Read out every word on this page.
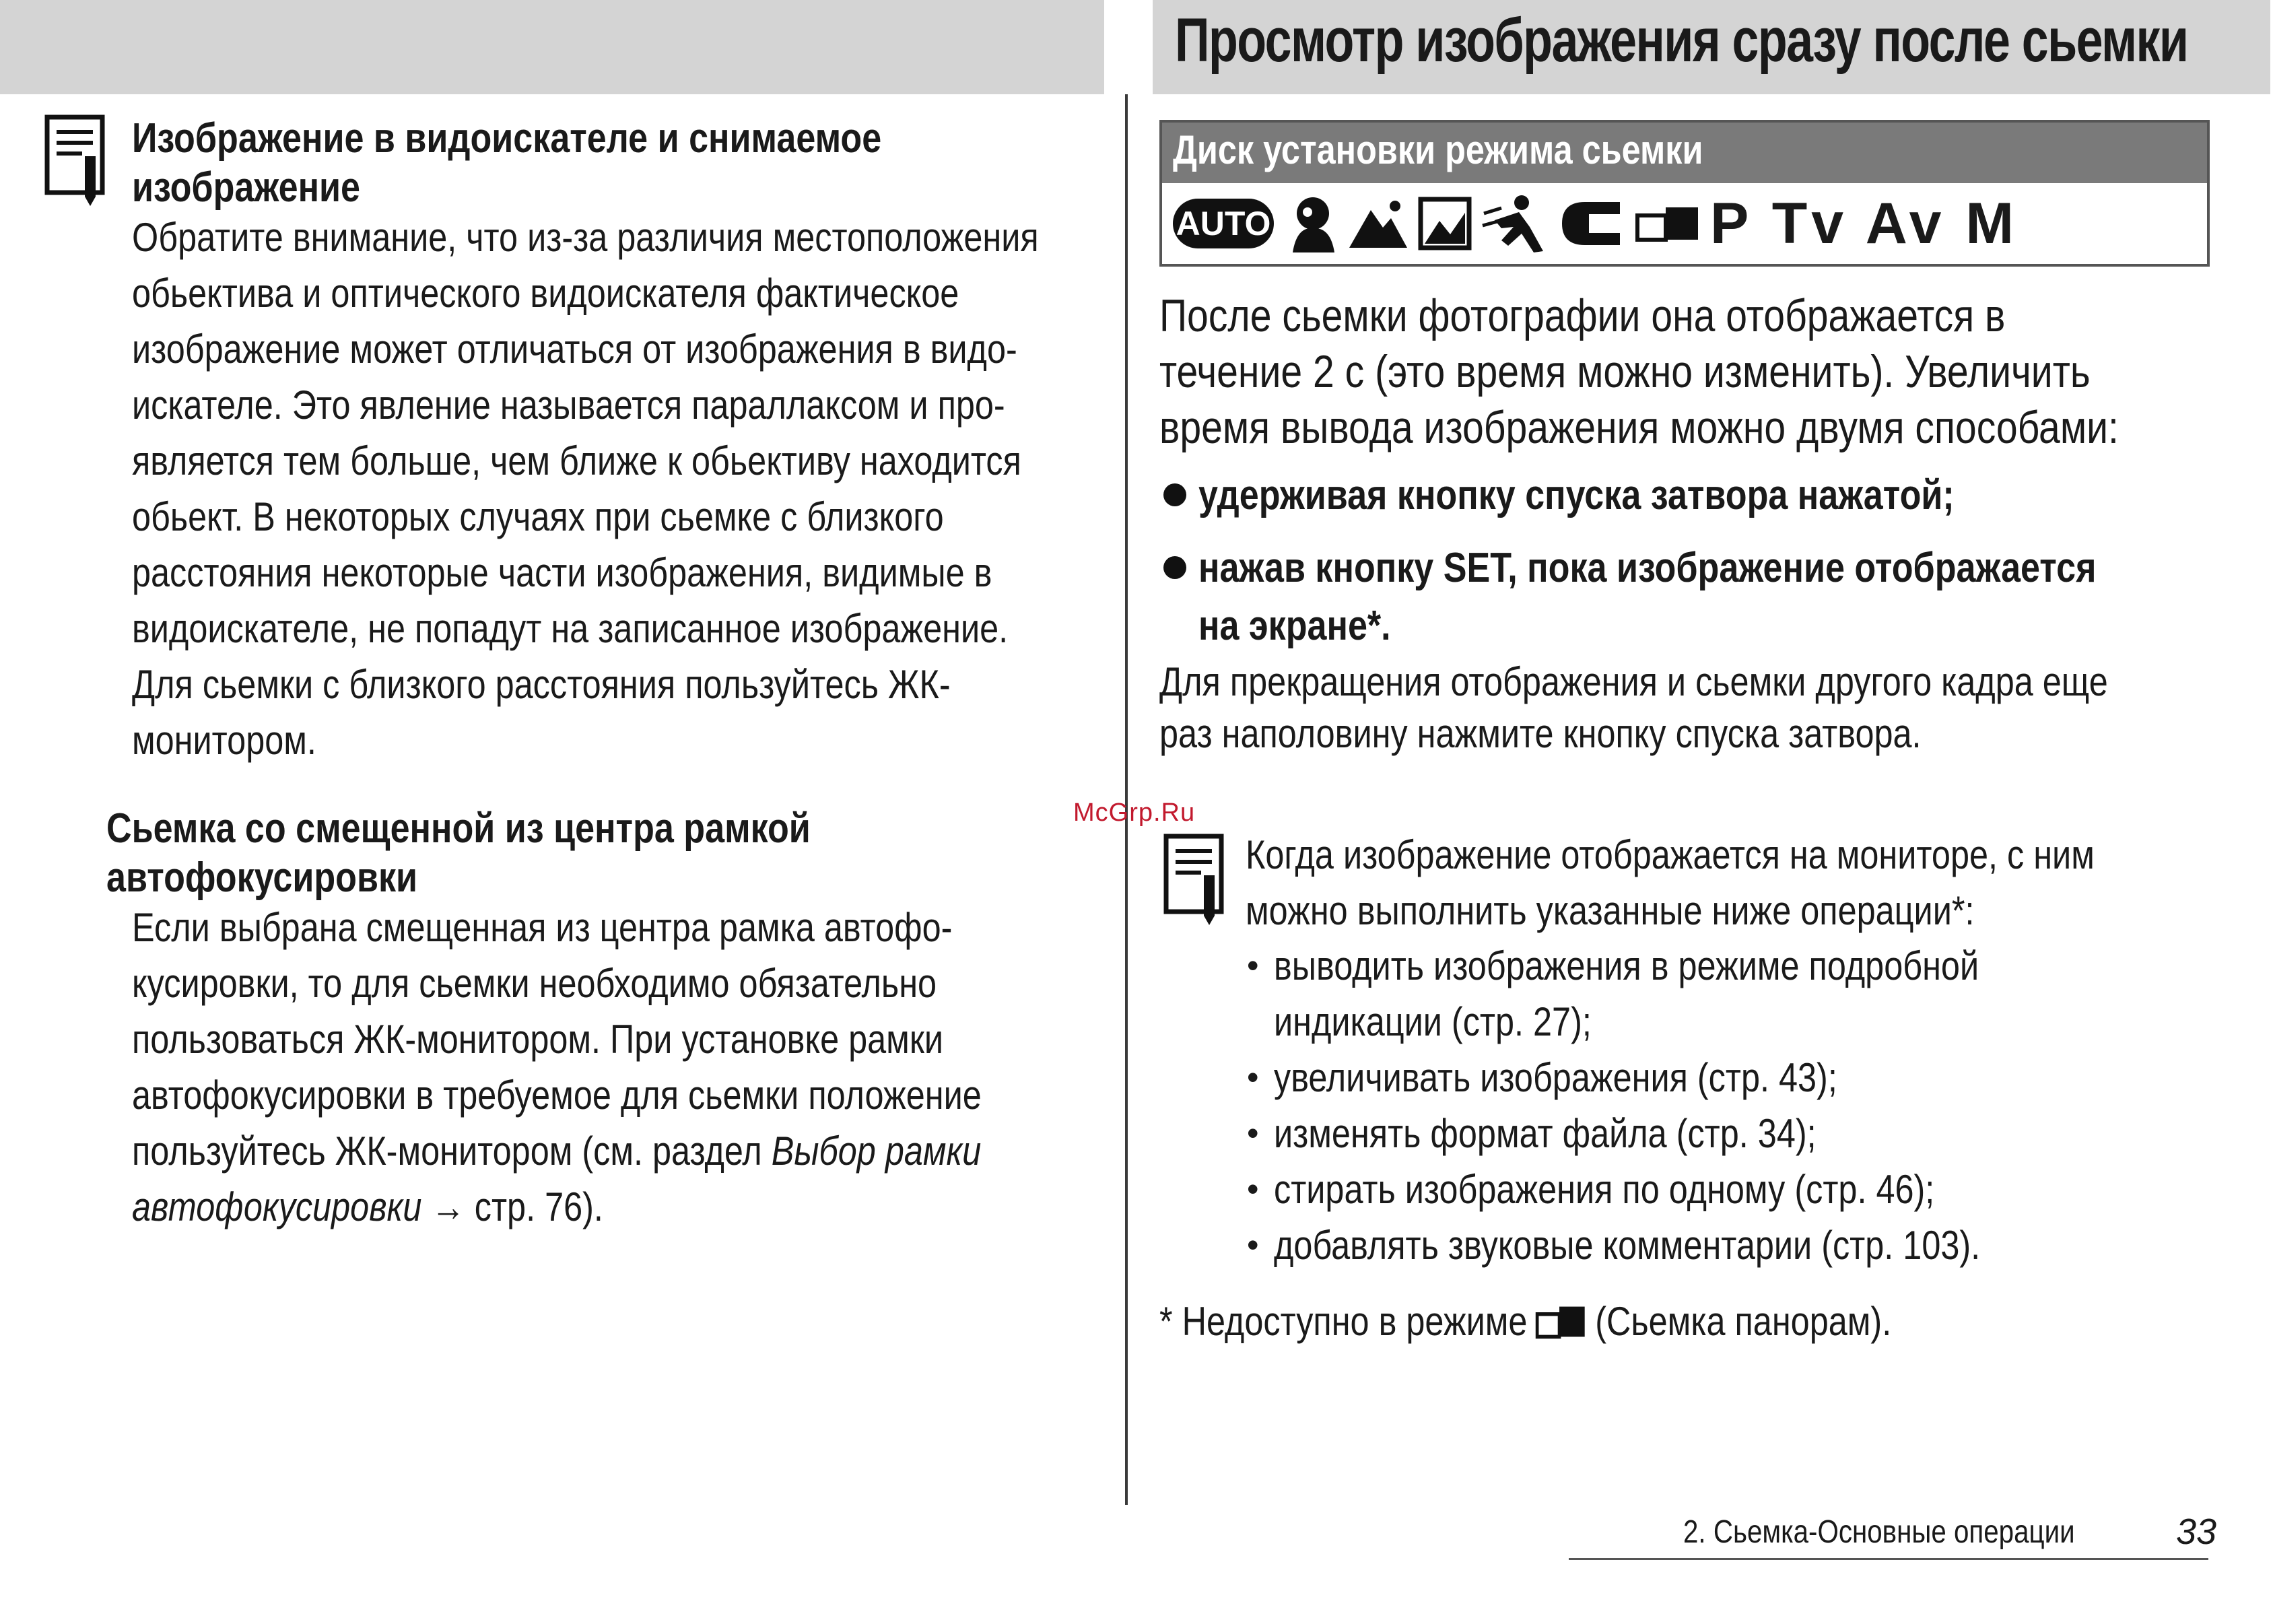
Просмотр изображения сразу после сьемки
Изображение в видоискателе и снимаемое
изображение
Обратите внимание, что из-за различия местоположения
обьектива и оптического видоискателя фактическое
изображение может отличаться от изображения в видо-
искателе. Это явление называется параллаксом и про-
является тем больше, чем ближе к обьективу находится
обьект. В некоторых случаях при сьемке с близкого
расстояния некоторые части изображения, видимые в
видоискателе, не попадут на записанное изображение.
Для сьемки с близкого расстояния пользуйтесь ЖК-
монитором.
Сьемка со смещенной из центра рамкой
автофокусировки
Если выбрана смещенная из центра рамка автофо-
кусировки, то для сьемки необходимо обязательно
пользоваться ЖК-монитором. При установке рамки
автофокусировки в требуемое для сьемки положение
пользуйтесь ЖК-монитором (см. раздел Выбор рамки
автофокусировки → стр. 76).
Диск установки режима сьемки
AUTO	P Tv Av M
После сьемки фотографии она отображается в
течение 2 с (это время можно изменить). Увеличить
время вывода изображения можно двумя способами:
удерживая кнопку спуска затвора нажатой;
нажав кнопку SET, пока изображение отображается
на экране*.
Для прекращения отображения и сьемки другого кадра еще
раз наполовину нажмите кнопку спуска затвора.
McGrp.Ru
Когда изображение отображается на мониторе, с ним
можно выполнить указанные ниже операции*:
• выводить изображения в режиме подробной
индикации (стр. 27);
• увеличивать изображения (стр. 43);
• изменять формат файла (стр. 34);
• стирать изображения по одному (стр. 46);
• добавлять звуковые комментарии (стр. 103).
* Недоступно в режиме (Сьемка панорам).
2. Сьемка-Основные операции	33
